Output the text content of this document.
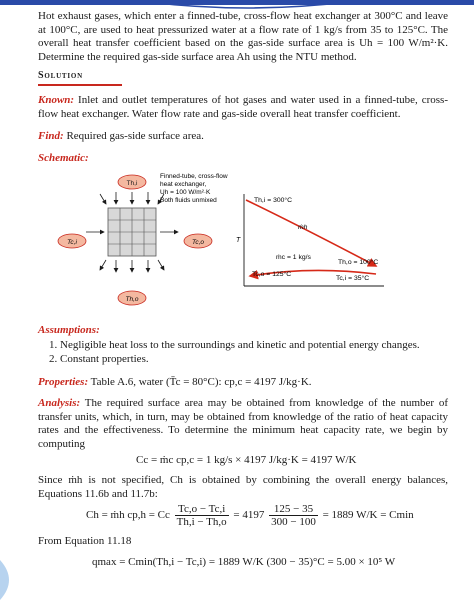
Hot exhaust gases, which enter a finned-tube, cross-flow heat exchanger at 300°C and leave at 100°C, are used to heat pressurized water at a flow rate of 1 kg/s from 35 to 125°C. The overall heat transfer coefficient based on the gas-side surface area is Uh = 100 W/m²·K. Determine the required gas-side surface area Ah using the NTU method.
Solution
Known: Inlet and outlet temperatures of hot gases and water used in a finned-tube, cross-flow heat exchanger. Water flow rate and gas-side overall heat transfer coefficient.
Find: Required gas-side surface area.
Schematic:
Th,i
Tc,i	Tc,o
Th,o
Finned-tube, cross-flow
heat exchanger,
Uh = 100 W/m²·K
Both fluids unmixed
T
Th,i = 300°C
ṁh
ṁc = 1 kg/s
Th,o = 100°C
Tc,o = 125°C
Tc,i = 35°C
Assumptions:
1. Negligible heat loss to the surroundings and kinetic and potential energy changes.
2. Constant properties.
Properties: Table A.6, water (T̄c = 80°C): cp,c = 4197 J/kg·K.
Analysis: The required surface area may be obtained from knowledge of the number of transfer units, which, in turn, may be obtained from knowledge of the ratio of heat capacity rates and the effectiveness. To determine the minimum heat capacity rate, we begin by computing
Cc = ṁc cp,c = 1 kg/s × 4197 J/kg·K = 4197 W/K
Since ṁh is not specified, Ch is obtained by combining the overall energy balances, Equations 11.6b and 11.7b:
Ch = ṁh cp,h = Cc $\frac{Tc,o - Tc,i}{Th,i - Th,o} = 4197 \frac{125 - 35}{300 - 100} = 1889$ W/K = Cmin
From Equation 11.18
qmax = Cmin(Th,i − Tc,i) = 1889 W/K (300 − 35)°C = 5.00 × 10⁵ W
